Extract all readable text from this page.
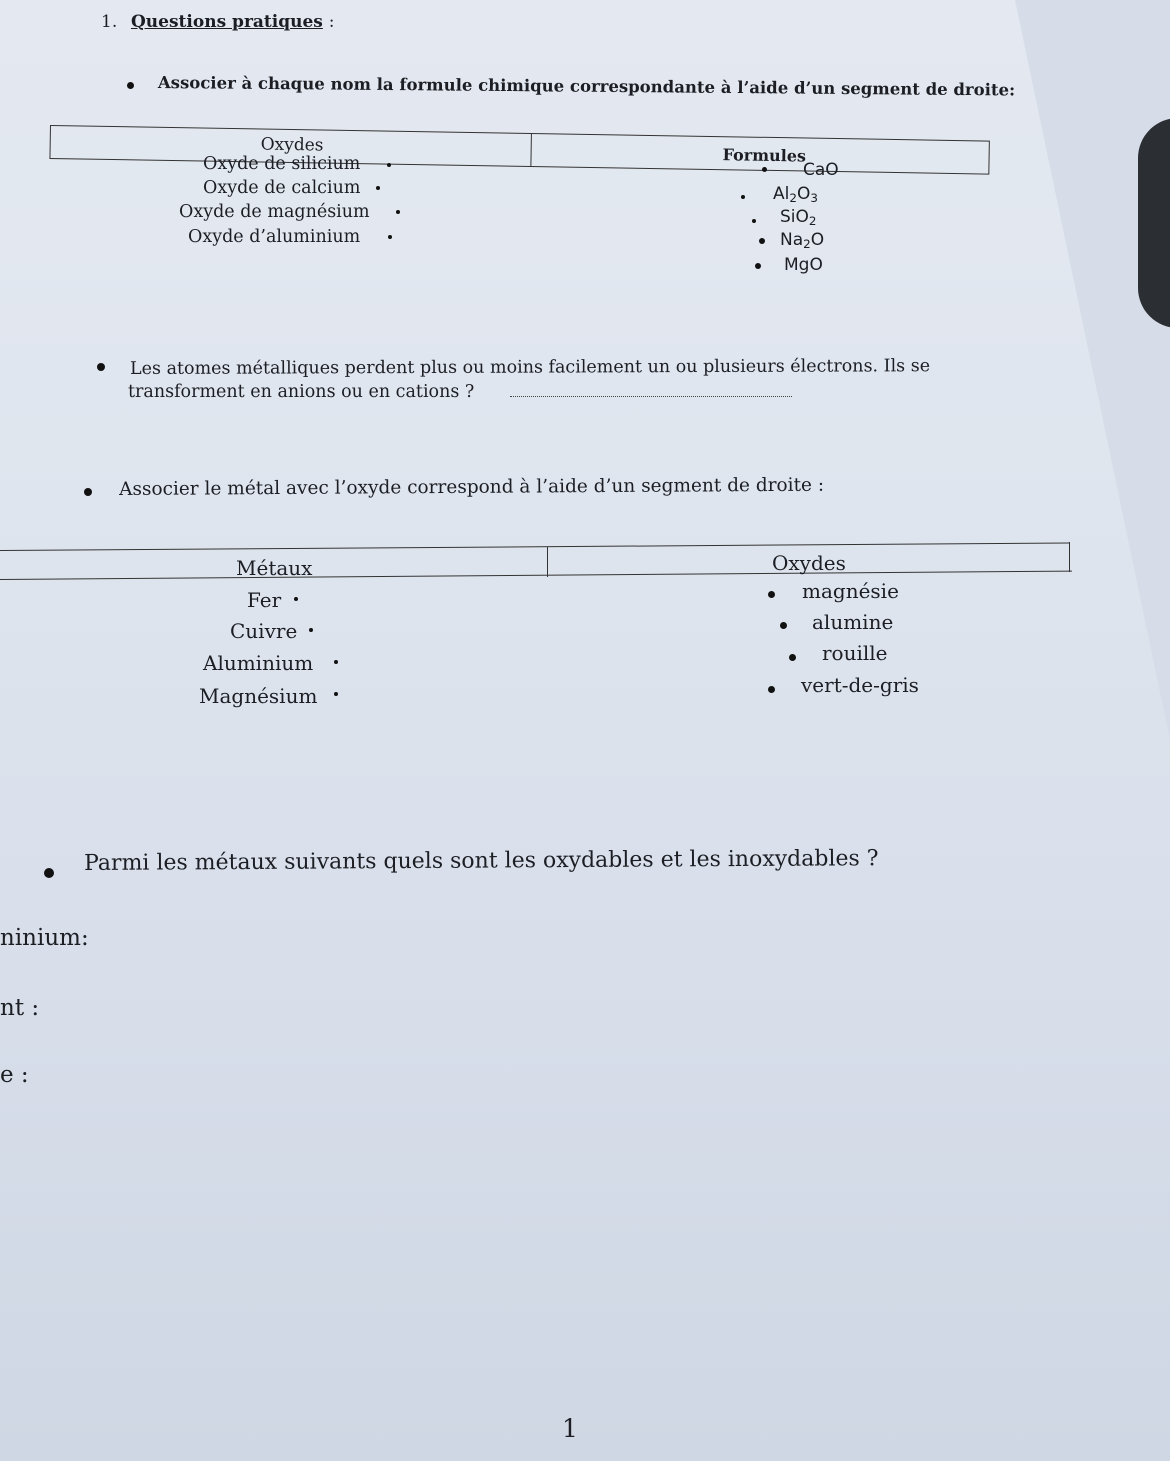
1. Questions pratiques :
Associer à chaque nom la formule chimique correspondante à l’aide d’un segment de droite:
Oxydes	Formules
Oxyde de silicium
Oxyde de calcium
Oxyde de magnésium
Oxyde d’aluminium
CaO
$Al_2O_3$
SiO$_2$
$Na_2O$
MgO
Les atomes métalliques perdent plus ou moins facilement un ou plusieurs électrons. Ils se
transforment en anions ou en cations ?
Associer le métal avec l’oxyde correspond à l’aide d’un segment de droite :
Métaux	Oxydes
Fer
Cuivre
Aluminium
Magnésium
magnésie
alumine
rouille
vert-de-gris
Parmi les métaux suivants quels sont les oxydables et les inoxydables ?
ninium:
nt :
e :
1
